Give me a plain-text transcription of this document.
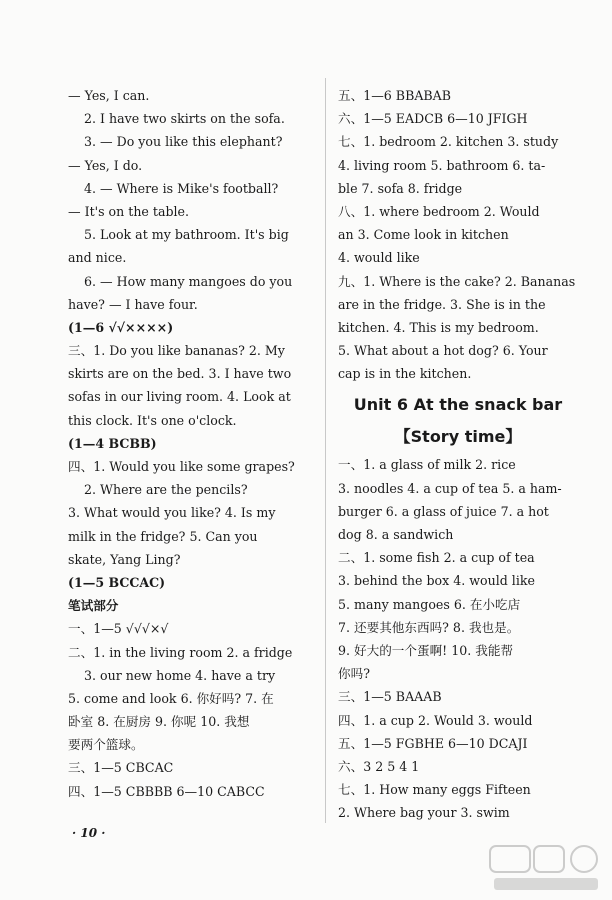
— Yes, I can.
2. I have two skirts on the sofa.
3. — Do you like this elephant?
— Yes, I do.
4. — Where is Mike's football?
— It's on the table.
5. Look at my bathroom. It's big
and nice.
6. — How many mangoes do you
have? — I have four.
(1—6 √√××××)
三、1. Do you like bananas? 2. My
skirts are on the bed. 3. I have two
sofas in our living room. 4. Look at
this clock. It's one o'clock.
(1—4 BCBB)
四、1. Would you like some grapes?
2. Where are the pencils?
3. What would you like? 4. Is my
milk in the fridge? 5. Can you
skate, Yang Ling?
(1—5 BCCAC)
笔试部分
一、1—5 √√√×√
二、1. in the living room 2. a fridge
3. our new home 4. have a try
5. come and look 6. 你好吗? 7. 在
卧室 8. 在厨房 9. 你呢 10. 我想
要两个篮球。
三、1—5 CBCAC
四、1—5 CBBBB 6—10 CABCC
五、1—6 BBABAB
六、1—5 EADCB 6—10 JFIGH
七、1. bedroom 2. kitchen 3. study
4. living room 5. bathroom 6. ta-
ble 7. sofa 8. fridge
八、1. where bedroom 2. Would
an 3. Come look in kitchen
4. would like
九、1. Where is the cake? 2. Bananas
are in the fridge. 3. She is in the
kitchen. 4. This is my bedroom.
5. What about a hot dog? 6. Your
cap is in the kitchen.
Unit 6 At the snack bar
【Story time】
一、1. a glass of milk 2. rice
3. noodles 4. a cup of tea 5. a ham-
burger 6. a glass of juice 7. a hot
dog 8. a sandwich
二、1. some fish 2. a cup of tea
3. behind the box 4. would like
5. many mangoes 6. 在小吃店
7. 还要其他东西吗? 8. 我也是。
9. 好大的一个蛋啊! 10. 我能帮
你吗?
三、1—5 BAAAB
四、1. a cup 2. Would 3. would
五、1—5 FGBHE 6—10 DCAJI
六、3 2 5 4 1
七、1. How many eggs Fifteen
2. Where bag your 3. swim
· 10 ·
